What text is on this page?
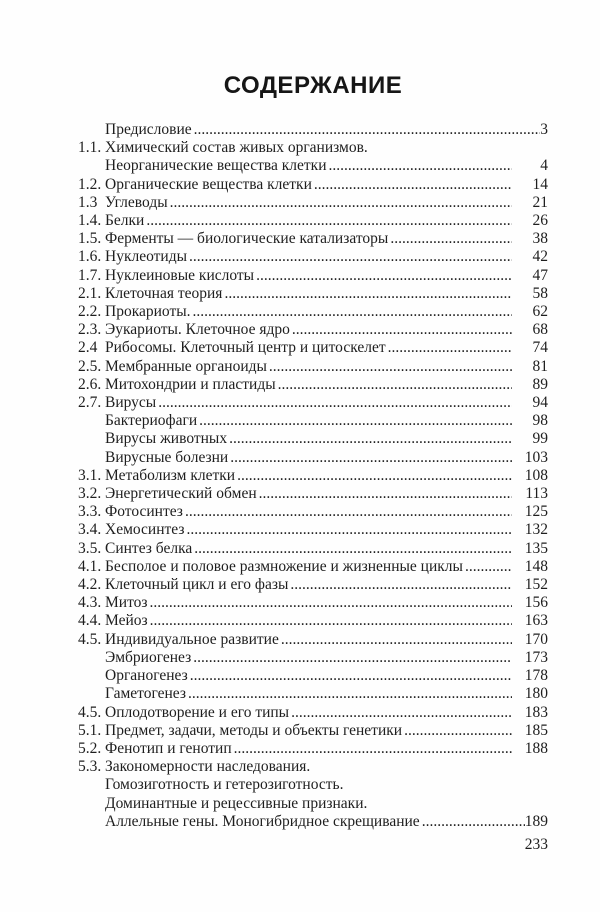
СОДЕРЖАНИЕ
Предисловие .....	3
1.1. Химический состав живых организмов.
Неорганические вещества клетки .....	4
1.2. Органические вещества клетки .....	14
1.3 Углеводы .....	21
1.4. Белки .....	26
1.5. Ферменты — биологические катализаторы .....	38
1.6. Нуклеотиды .....	42
1.7. Нуклеиновые кислоты .....	47
2.1. Клеточная теория .....	58
2.2. Прокариоты. .....	62
2.3. Эукариоты. Клеточное ядро .....	68
2.4 Рибосомы. Клеточный центр и цитоскелет .....	74
2.5. Мембранные органоиды .....	81
2.6. Митохондрии и пластиды .....	89
2.7. Вирусы .....	94
Бактериофаги .....	98
Вирусы животных .....	99
Вирусные болезни .....	103
3.1. Метаболизм клетки .....	108
3.2. Энергетический обмен .....	113
3.3. Фотосинтез .....	125
3.4. Хемосинтез .....	132
3.5. Синтез белка .....	135
4.1. Бесполое и половое размножение и жизненные циклы .....	148
4.2. Клеточный цикл и его фазы .....	152
4.3. Митоз .....	156
4.4. Мейоз .....	163
4.5. Индивидуальное развитие .....	170
Эмбриогенез .....	173
Органогенез .....	178
Гаметогенез .....	180
4.5. Оплодотворение и его типы .....	183
5.1. Предмет, задачи, методы и объекты генетики .....	185
5.2. Фенотип и генотип .....	188
5.3. Закономерности наследования.
Гомозиготность и гетерозиготность.
Доминантные и рецессивные признаки.
Аллельные гены. Моногибридное скрещивание .....	189
233
